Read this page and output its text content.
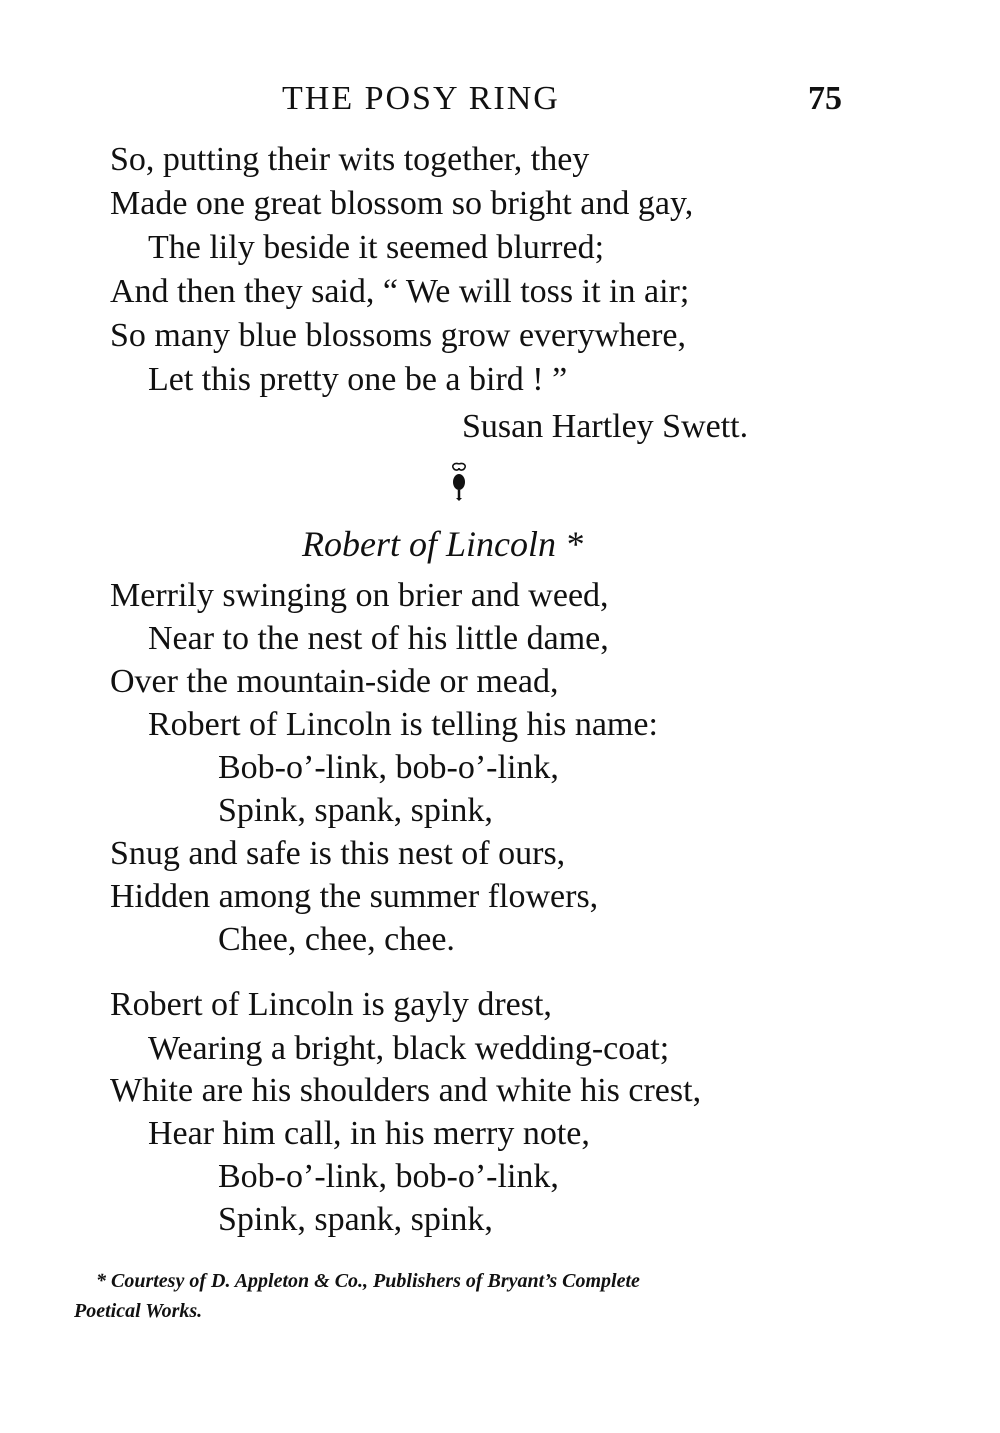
THE POSY RING	75
So, putting their wits together, they
Made one great blossom so bright and gay,
The lily beside it seemed blurred;
And then they said, “ We will toss it in air;
So many blue blossoms grow everywhere,
Let this pretty one be a bird ! ”
Susan Hartley Swett.
Robert of Lincoln *
Merrily swinging on brier and weed,
Near to the nest of his little dame,
Over the mountain-side or mead,
Robert of Lincoln is telling his name:
Bob-o’-link, bob-o’-link,
Spink, spank, spink,
Snug and safe is this nest of ours,
Hidden among the summer flowers,
Chee, chee, chee.
Robert of Lincoln is gayly drest,
Wearing a bright, black wedding-coat;
White are his shoulders and white his crest,
Hear him call, in his merry note,
Bob-o’-link, bob-o’-link,
Spink, spank, spink,
* Courtesy of D. Appleton & Co., Publishers of Bryant’s Complete
Poetical Works.
